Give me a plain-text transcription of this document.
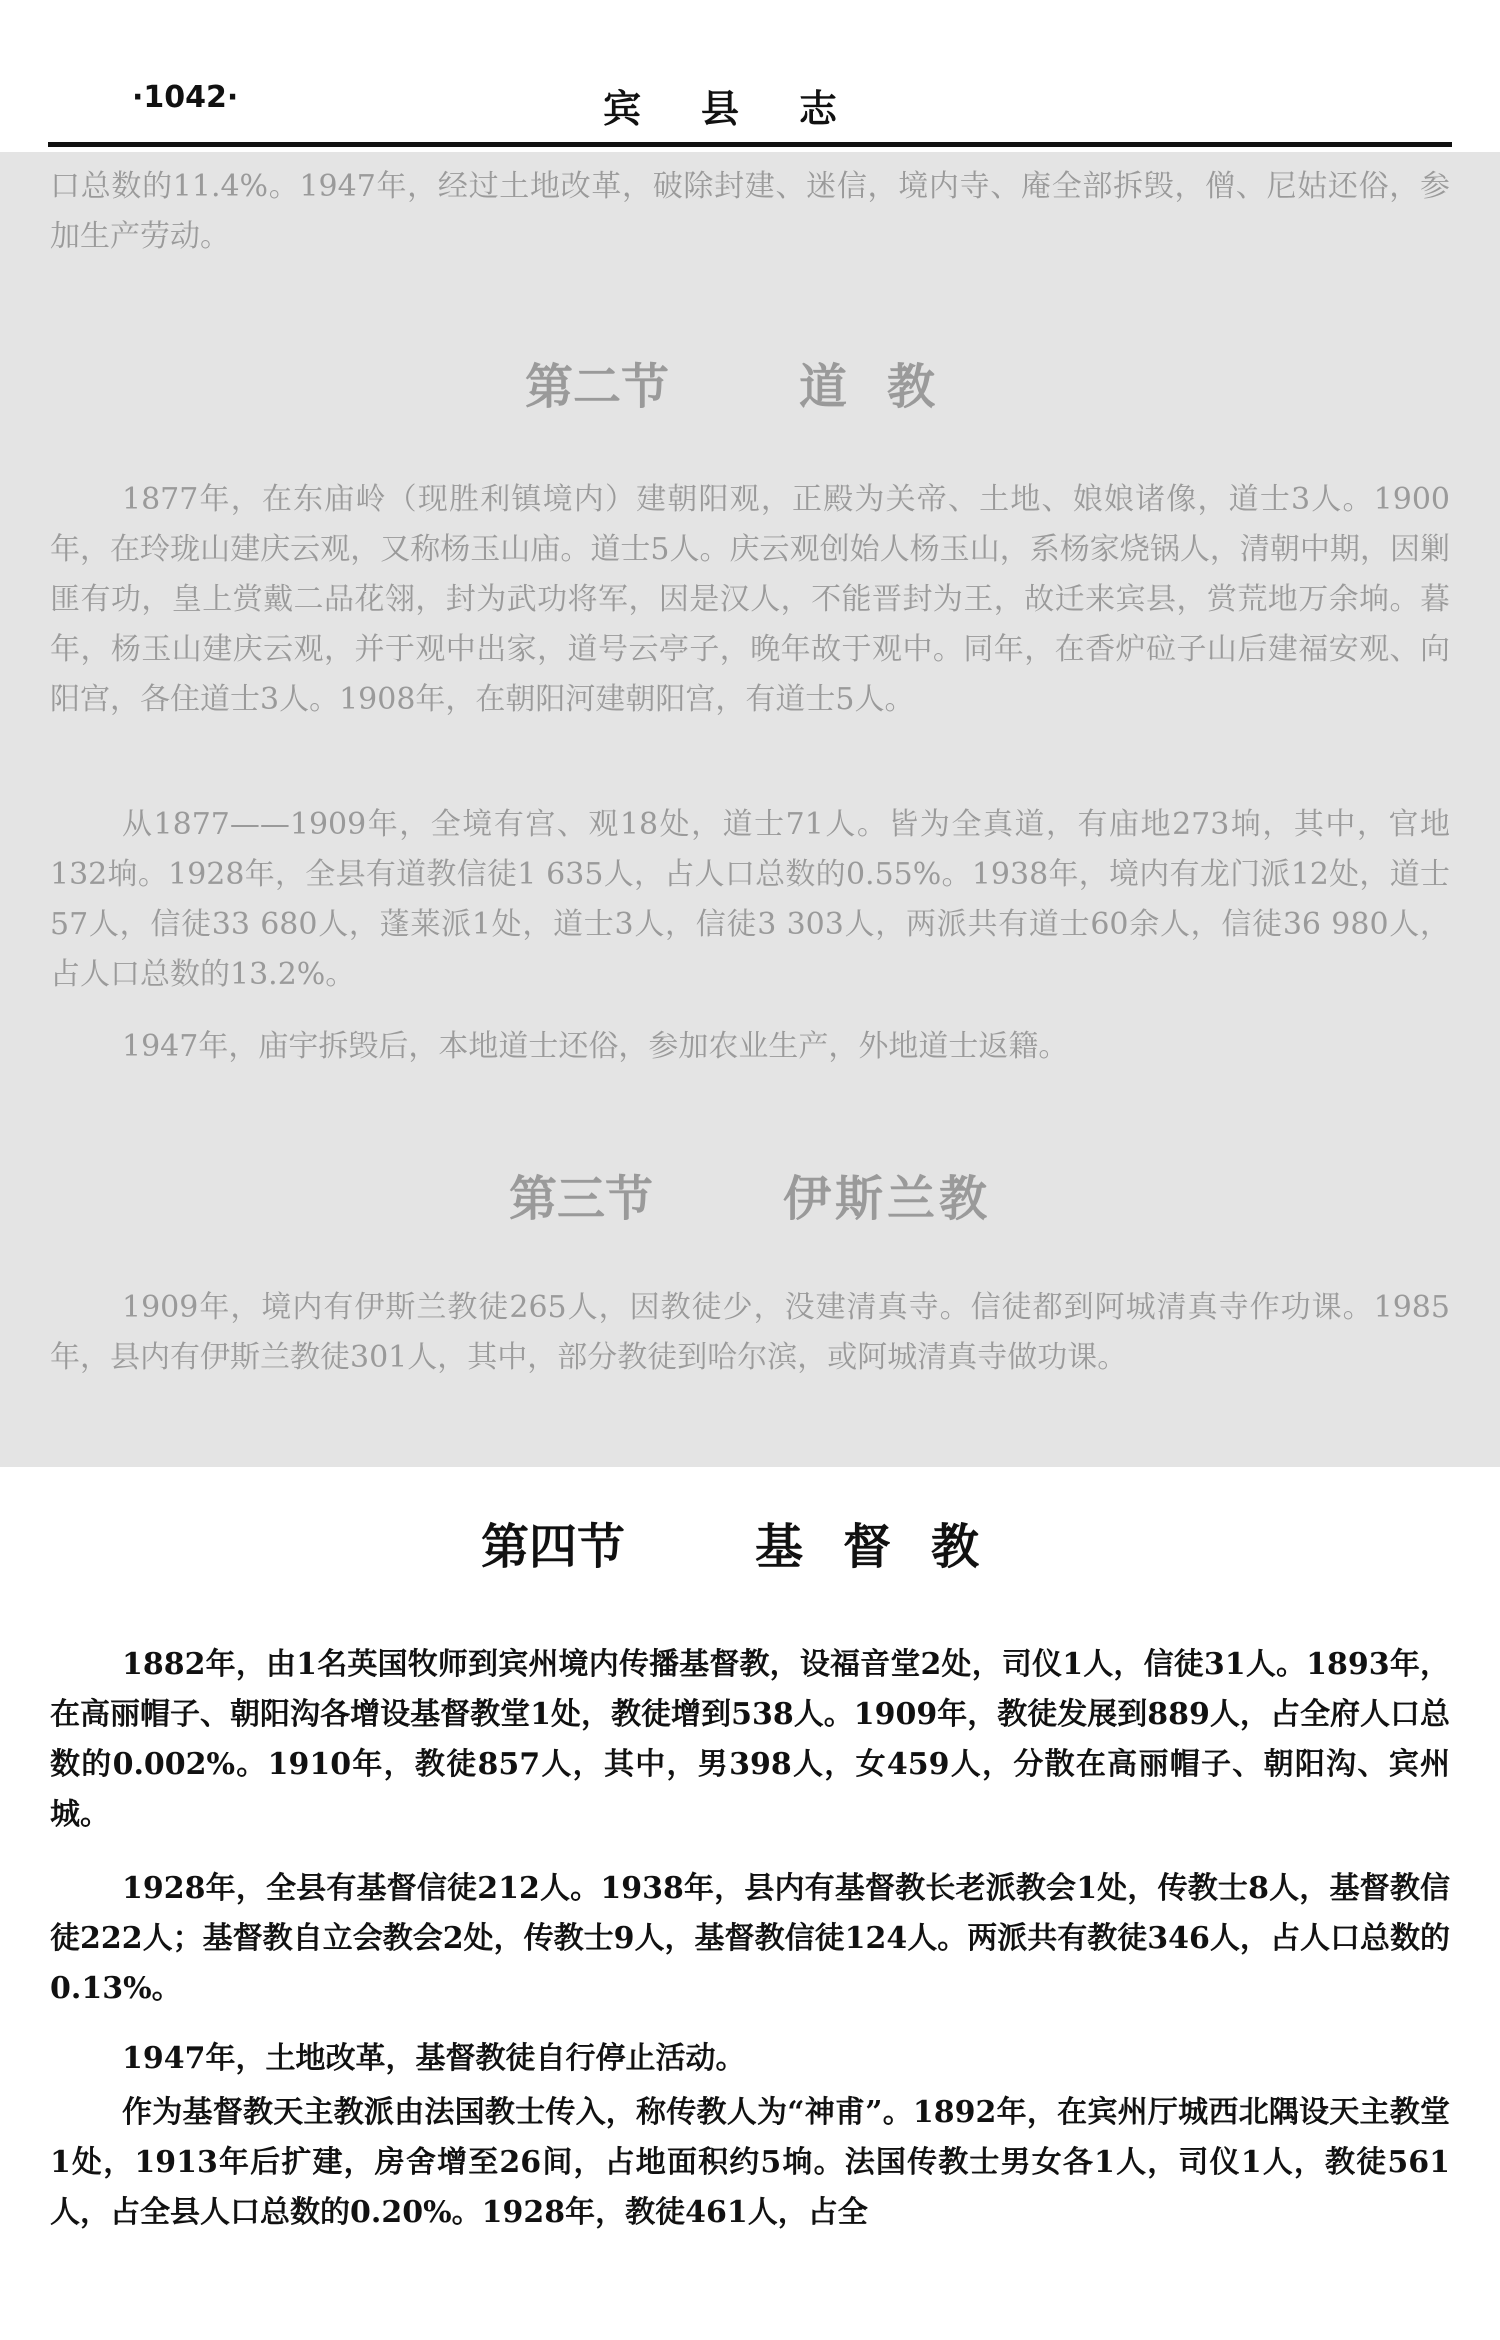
·1042·	宾县志

口总数的11.4%。1947年，经过土地改革，破除封建、迷信，境内寺、庵全部拆毁，僧、尼姑还俗，参加生产劳动。

第二节	道教

1877年，在东庙岭（现胜利镇境内）建朝阳观，正殿为关帝、土地、娘娘诸像，道士3人。1900年，在玲珑山建庆云观，又称杨玉山庙。道士5人。庆云观创始人杨玉山，系杨家烧锅人，清朝中期，因剿匪有功，皇上赏戴二品花翎，封为武功将军，因是汉人，不能晋封为王，故迁来宾县，赏荒地万余垧。暮年，杨玉山建庆云观，并于观中出家，道号云亭子，晚年故于观中。同年，在香炉砬子山后建福安观、向阳宫，各住道士3人。1908年，在朝阳河建朝阳宫，有道士5人。

从1877——1909年，全境有宫、观18处，道士71人。皆为全真道，有庙地273垧，其中，官地132垧。1928年，全县有道教信徒1 635人，占人口总数的0.55%。1938年，境内有龙门派12处，道士57人，信徒33 680人，蓬莱派1处，道士3人，信徒3 303人，两派共有道士60余人，信徒36 980人，占人口总数的13.2%。

1947年，庙宇拆毁后，本地道士还俗，参加农业生产，外地道士返籍。

第三节	伊斯兰教

1909年，境内有伊斯兰教徒265人，因教徒少，没建清真寺。信徒都到阿城清真寺作功课。1985年，县内有伊斯兰教徒301人，其中，部分教徒到哈尔滨，或阿城清真寺做功课。

第四节	基督教

1882年，由1名英国牧师到宾州境内传播基督教，设福音堂2处，司仪1人，信徒31人。1893年，在高丽帽子、朝阳沟各增设基督教堂1处，教徒增到538人。1909年，教徒发展到889人，占全府人口总数的0.002%。1910年，教徒857人，其中，男398人，女459人，分散在高丽帽子、朝阳沟、宾州城。

1928年，全县有基督信徒212人。1938年，县内有基督教长老派教会1处，传教士8人，基督教信徒222人；基督教自立会教会2处，传教士9人，基督教信徒124人。两派共有教徒346人，占人口总数的0.13%。

1947年，土地改革，基督教徒自行停止活动。

作为基督教天主教派由法国教士传入，称传教人为“神甫”。1892年，在宾州厅城西北隅设天主教堂1处，1913年后扩建，房舍增至26间，占地面积约5垧。法国传教士男女各1人，司仪1人，教徒561人，占全县人口总数的0.20%。1928年，教徒461人，占全
